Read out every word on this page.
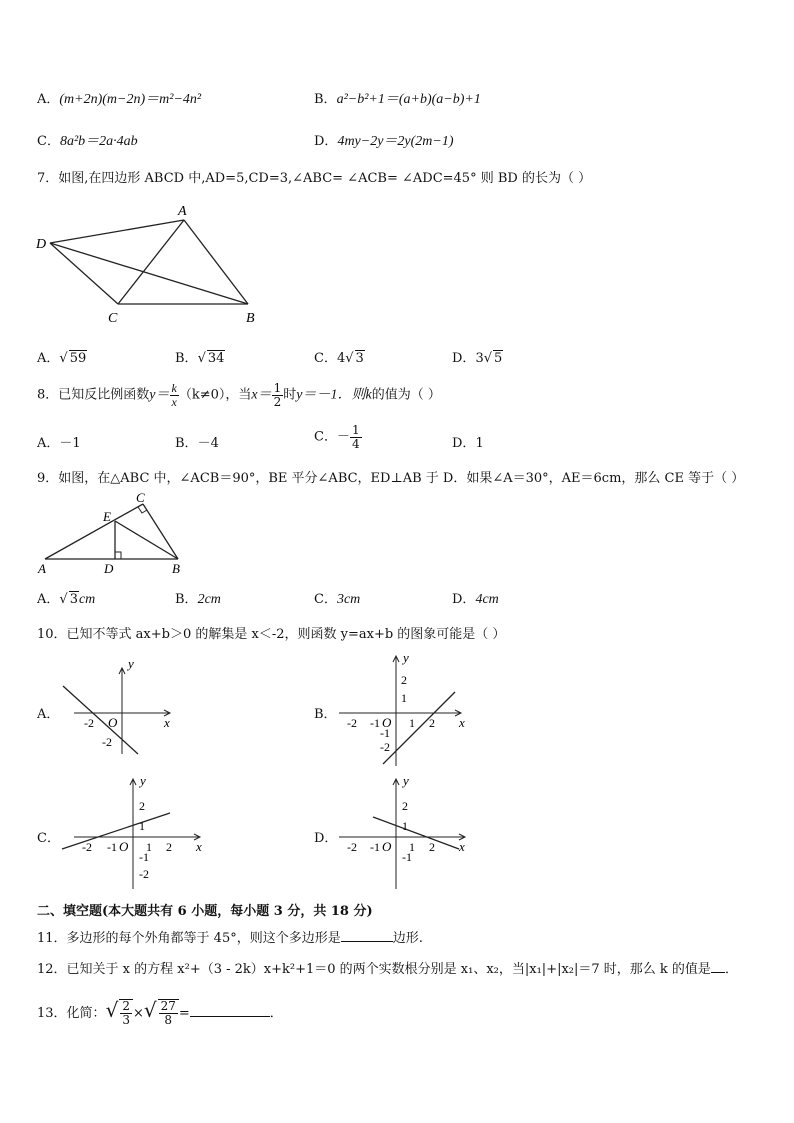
A．(m+2n)(m−2n)＝m²−4n²	B．a²−b²+1＝(a+b)(a−b)+1
C．8a²b＝2a·4ab	D．4my−2y＝2y(2m−1)
7．如图,在四边形 ABCD 中,AD=5,CD=3,∠ABC= ∠ACB= ∠ADC=45° 则 BD 的长为（ ）
A
D
C	B
A．√ 59	B．√ 34	C．4√ 3	D．3√ 5
8．已知反比例函数$y= \frac{k}{x} (k\ne 0)$，当$x= \frac{1}{2}$ 时y＝－1．则k的值为（ ）
A．－1	B．－4	C．－ $\frac{1}{4}$	D．1
9．如图，在△ABC 中，∠ACB＝90°，BE 平分∠ABC，ED⊥AB 于 D．如果∠A＝30°，AE＝6cm，那么 CE 等于（ ）
C
E
A	D	B
A．√ 3cm	B．2cm	C．3cm	D．4cm
10．已知不等式 ax+b＞0 的解集是 x＜-2，则函数 y=ax+b 的图象可能是（ ）
A．
y
x
O
-2
-2
B．
y
x
O
-2 -1 1 2
2
1
-1
-2
C．
y
x
O
-2 -1 1 2
2
1
-1
-2
D．
y
x
O
-2 -1 1 2
2
1
-1
二、填空题(本大题共有 6 小题，每小题 3 分，共 18 分)
11．多边形的每个外角都等于 45°，则这个多边形是	边形.
12．已知关于 x 的方程 x²+（3 - 2k）x+k²+1＝0 的两个实数根分别是 x₁、x₂，当|x₁|+|x₂|＝7 时，那么 k 的值是 ．
13．化简：√ $\frac{2}{3}$ ×√ $\frac{27}{8}$ =	．
